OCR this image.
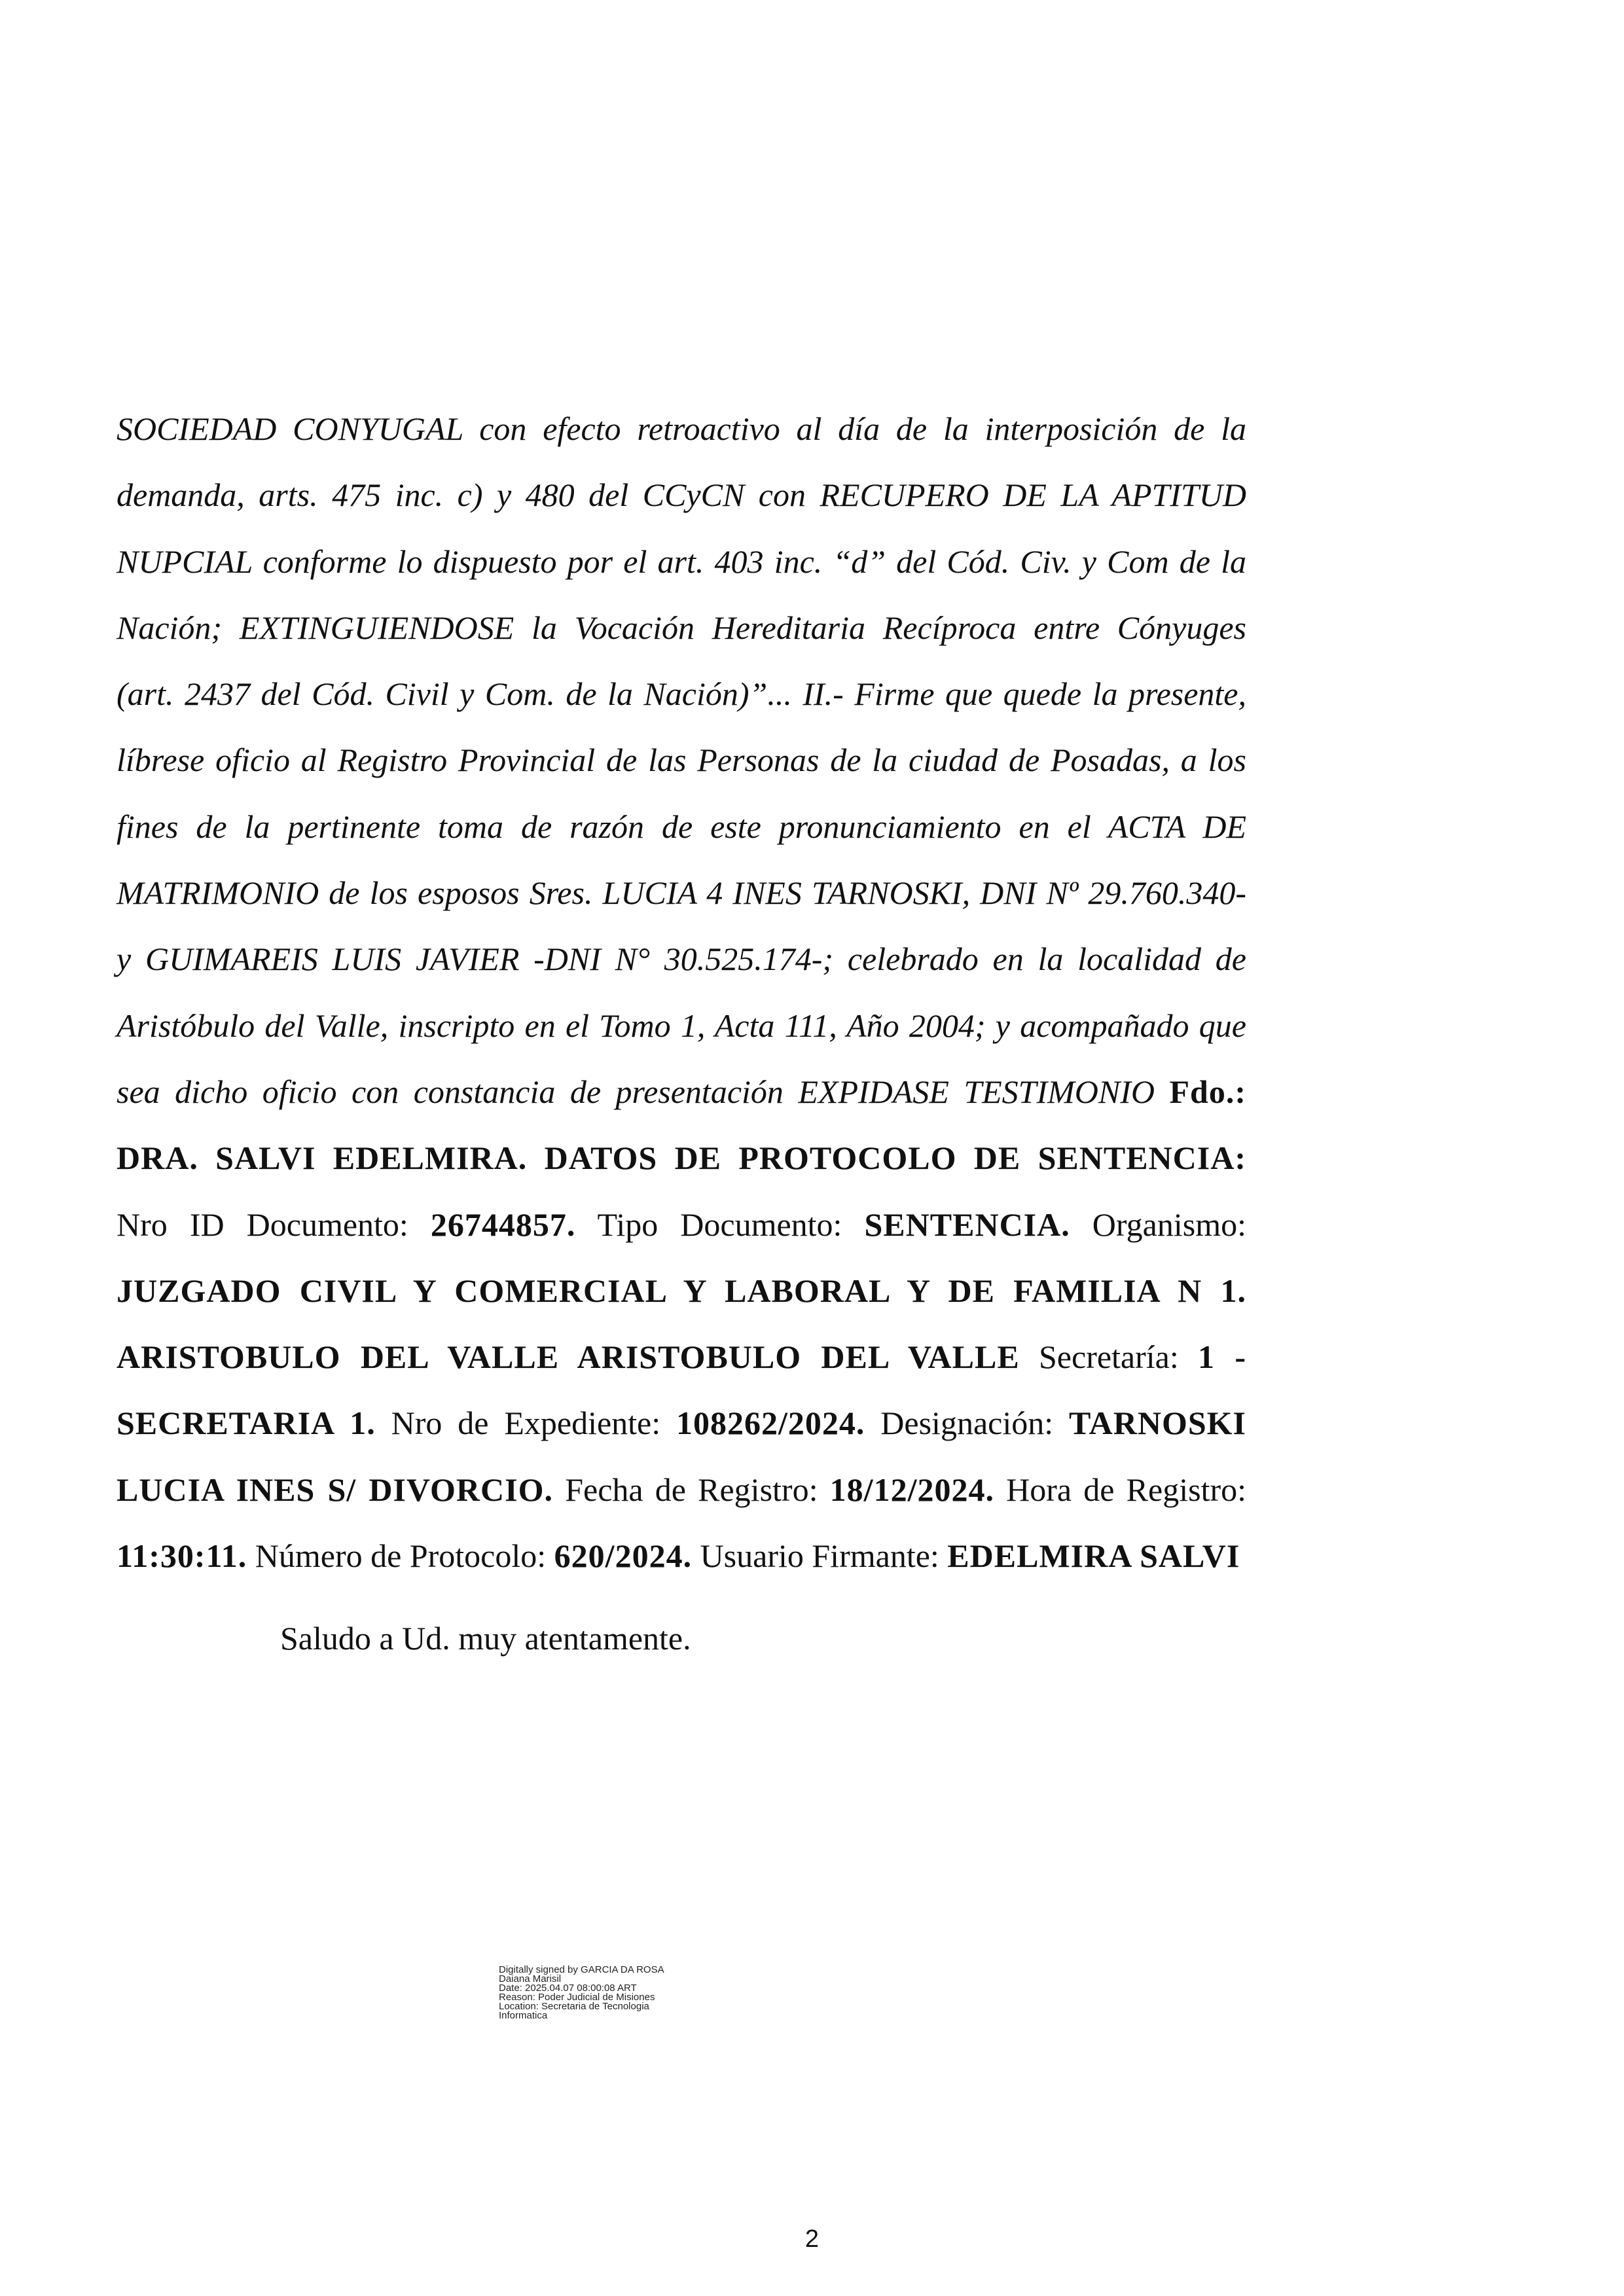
SOCIEDAD CONYUGAL con efecto retroactivo al día de la interposición de la demanda, arts. 475 inc. c) y 480 del CCyCN con RECUPERO DE LA APTITUD NUPCIAL conforme lo dispuesto por el art. 403 inc. “d” del Cód. Civ. y Com de la Nación; EXTINGUIENDOSE la Vocación Hereditaria Recíproca entre Cónyuges (art. 2437 del Cód. Civil y Com. de la Nación)”... II.- Firme que quede la presente, líbrese oficio al Registro Provincial de las Personas de la ciudad de Posadas, a los fines de la pertinente toma de razón de este pronunciamiento en el ACTA DE MATRIMONIO de los esposos Sres. LUCIA 4 INES TARNOSKI, DNI Nº 29.760.340- y GUIMAREIS LUIS JAVIER -DNI N° 30.525.174-; celebrado en la localidad de Aristóbulo del Valle, inscripto en el Tomo 1, Acta 111, Año 2004; y acompañado que sea dicho oficio con constancia de presentación EXPIDASE TESTIMONIO Fdo.: DRA. SALVI EDELMIRA. DATOS DE PROTOCOLO DE SENTENCIA: Nro ID Documento: 26744857. Tipo Documento: SENTENCIA. Organismo: JUZGADO CIVIL Y COMERCIAL Y LABORAL Y DE FAMILIA N 1. ARISTOBULO DEL VALLE ARISTOBULO DEL VALLE Secretaría: 1 - SECRETARIA 1. Nro de Expediente: 108262/2024. Designación: TARNOSKI LUCIA INES S/ DIVORCIO. Fecha de Registro: 18/12/2024. Hora de Registro: 11:30:11. Número de Protocolo: 620/2024. Usuario Firmante: EDELMIRA SALVI

Saludo a Ud. muy atentamente.

Digitally signed by GARCIA DA ROSA
Daiana Marisil
Date: 2025.04.07 08:00:08 ART
Reason: Poder Judicial de Misiones
Location: Secretaria de Tecnologia
Informatica
2
